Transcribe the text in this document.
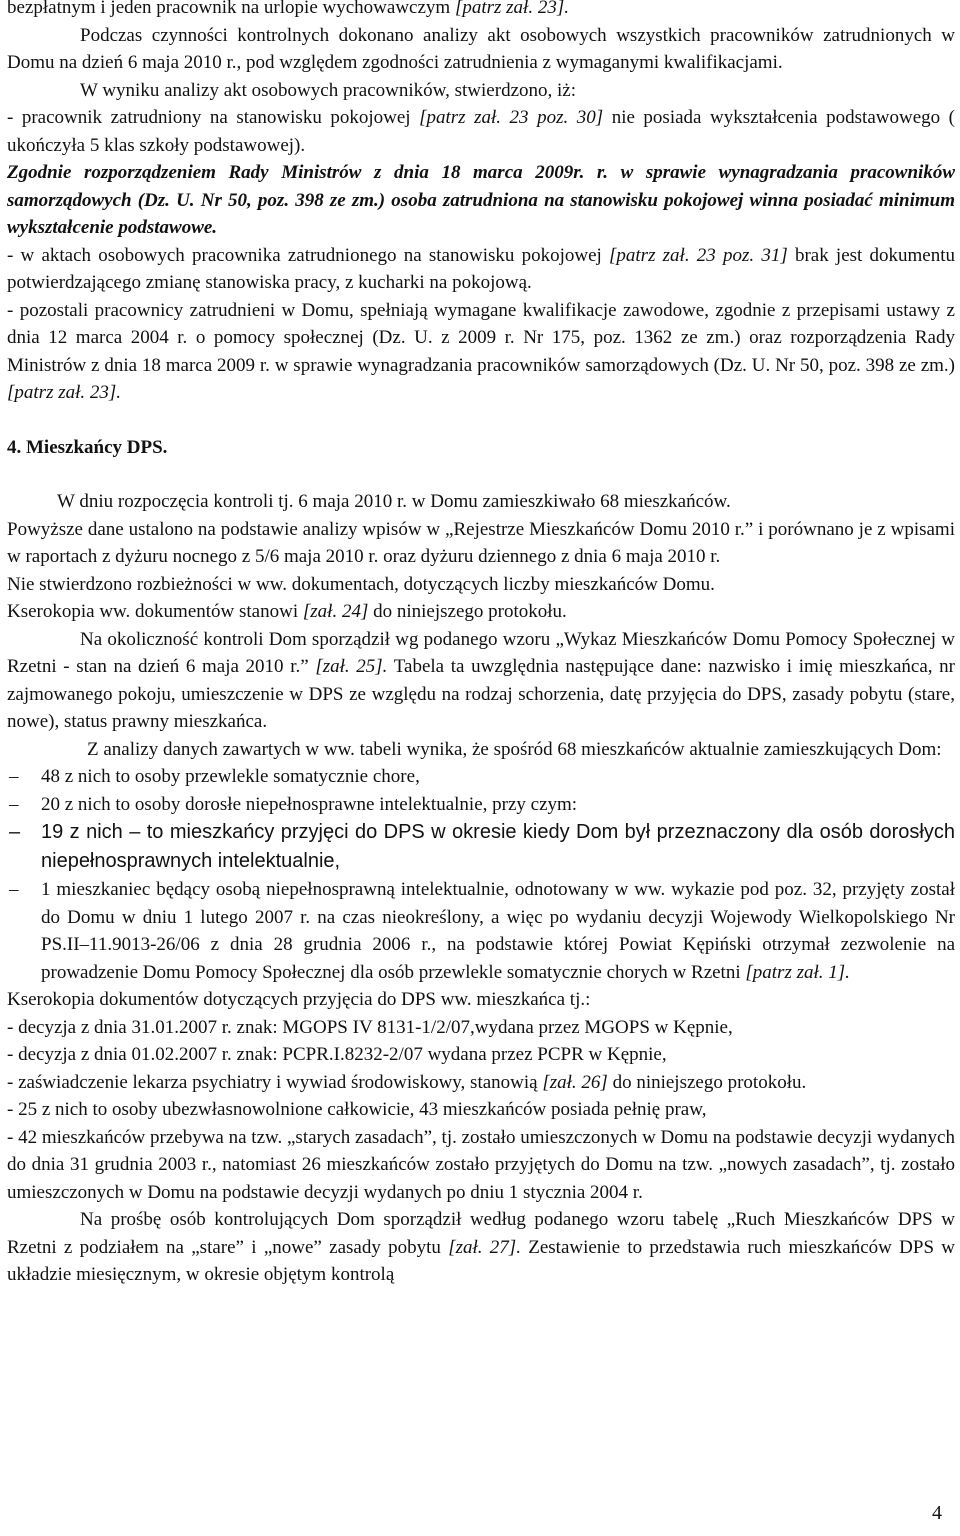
bezpłatnym i jeden pracownik na urlopie wychowawczym [patrz zał. 23].

Podczas czynności kontrolnych dokonano analizy akt osobowych wszystkich pracowników zatrudnionych w Domu na dzień 6 maja 2010 r., pod względem zgodności zatrudnienia z wymaganymi kwalifikacjami.

W wyniku analizy akt osobowych pracowników, stwierdzono, iż:

- pracownik zatrudniony na stanowisku pokojowej [patrz zał. 23 poz. 30] nie posiada wykształcenia podstawowego ( ukończyła 5 klas szkoły podstawowej).

Zgodnie rozporządzeniem Rady Ministrów z dnia 18 marca 2009r. r. w sprawie wynagradzania pracowników samorządowych (Dz. U. Nr 50, poz. 398 ze zm.) osoba zatrudniona na stanowisku pokojowej winna posiadać minimum wykształcenie podstawowe.

- w aktach osobowych pracownika zatrudnionego na stanowisku pokojowej [patrz zał. 23 poz. 31] brak jest dokumentu potwierdzającego zmianę stanowiska pracy, z kucharki na pokojową.

- pozostali pracownicy zatrudnieni w Domu, spełniają wymagane kwalifikacje zawodowe, zgodnie z przepisami ustawy z dnia 12 marca 2004 r. o pomocy społecznej (Dz. U. z 2009 r. Nr 175, poz. 1362 ze zm.) oraz rozporządzenia Rady Ministrów z dnia 18 marca 2009 r. w sprawie wynagradzania pracowników samorządowych (Dz. U. Nr 50, poz. 398 ze zm.) [patrz zał. 23].

4. Mieszkańcy DPS.

W dniu rozpoczęcia kontroli tj. 6 maja 2010 r. w Domu zamieszkiwało 68 mieszkańców.

Powyższe dane ustalono na podstawie analizy wpisów w „Rejestrze Mieszkańców Domu 2010 r.” i porównano je z wpisami w raportach z dyżuru nocnego z 5/6 maja 2010 r. oraz dyżuru dziennego z dnia 6 maja 2010 r.

Nie stwierdzono rozbieżności w ww. dokumentach, dotyczących liczby mieszkańców Domu.

Kserokopia ww. dokumentów stanowi [zał. 24] do niniejszego protokołu.

Na okoliczność kontroli Dom sporządził wg podanego wzoru „Wykaz Mieszkańców Domu Pomocy Społecznej w Rzetni - stan na dzień 6 maja 2010 r.” [zał. 25]. Tabela ta uwzględnia następujące dane: nazwisko i imię mieszkańca, nr zajmowanego pokoju, umieszczenie w DPS ze względu na rodzaj schorzenia, datę przyjęcia do DPS, zasady pobytu (stare, nowe), status prawny mieszkańca.

Z analizy danych zawartych w ww. tabeli wynika, że spośród 68 mieszkańców aktualnie zamieszkujących Dom:

– 48 z nich to osoby przewlekle somatycznie chore,
– 20 z nich to osoby dorosłe niepełnosprawne intelektualnie, przy czym:
– 19 z nich – to mieszkańcy przyjęci do DPS w okresie kiedy Dom był przeznaczony dla osób dorosłych niepełnosprawnych intelektualnie,
– 1 mieszkaniec będący osobą niepełnosprawną intelektualnie, odnotowany w ww. wykazie pod poz. 32, przyjęty został do Domu w dniu 1 lutego 2007 r. na czas nieokreślony, a więc po wydaniu decyzji Wojewody Wielkopolskiego Nr PS.II–11.9013-26/06 z dnia 28 grudnia 2006 r., na podstawie której Powiat Kępiński otrzymał zezwolenie na prowadzenie Domu Pomocy Społecznej dla osób przewlekle somatycznie chorych w Rzetni [patrz zał. 1].

Kserokopia dokumentów dotyczących przyjęcia do DPS ww. mieszkańca tj.:

- decyzja z dnia 31.01.2007 r. znak: MGOPS IV 8131-1/2/07,wydana przez MGOPS w Kępnie,

- decyzja z dnia 01.02.2007 r. znak: PCPR.I.8232-2/07 wydana przez PCPR w Kępnie,

- zaświadczenie lekarza psychiatry i wywiad środowiskowy, stanowią [zał. 26] do niniejszego protokołu.

- 25 z nich to osoby ubezwłasnowolnione całkowicie, 43 mieszkańców posiada pełnię praw,

- 42 mieszkańców przebywa na tzw. „starych zasadach”, tj. zostało umieszczonych w Domu na podstawie decyzji wydanych do dnia 31 grudnia 2003 r., natomiast 26 mieszkańców zostało przyjętych do Domu na tzw. „nowych zasadach”, tj. zostało umieszczonych w Domu na podstawie decyzji wydanych po dniu 1 stycznia 2004 r.

Na prośbę osób kontrolujących Dom sporządził według podanego wzoru tabelę „Ruch Mieszkańców DPS w Rzetni z podziałem na „stare” i „nowe” zasady pobytu [zał. 27]. Zestawienie to przedstawia ruch mieszkańców DPS w układzie miesięcznym, w okresie objętym kontrolą

4
